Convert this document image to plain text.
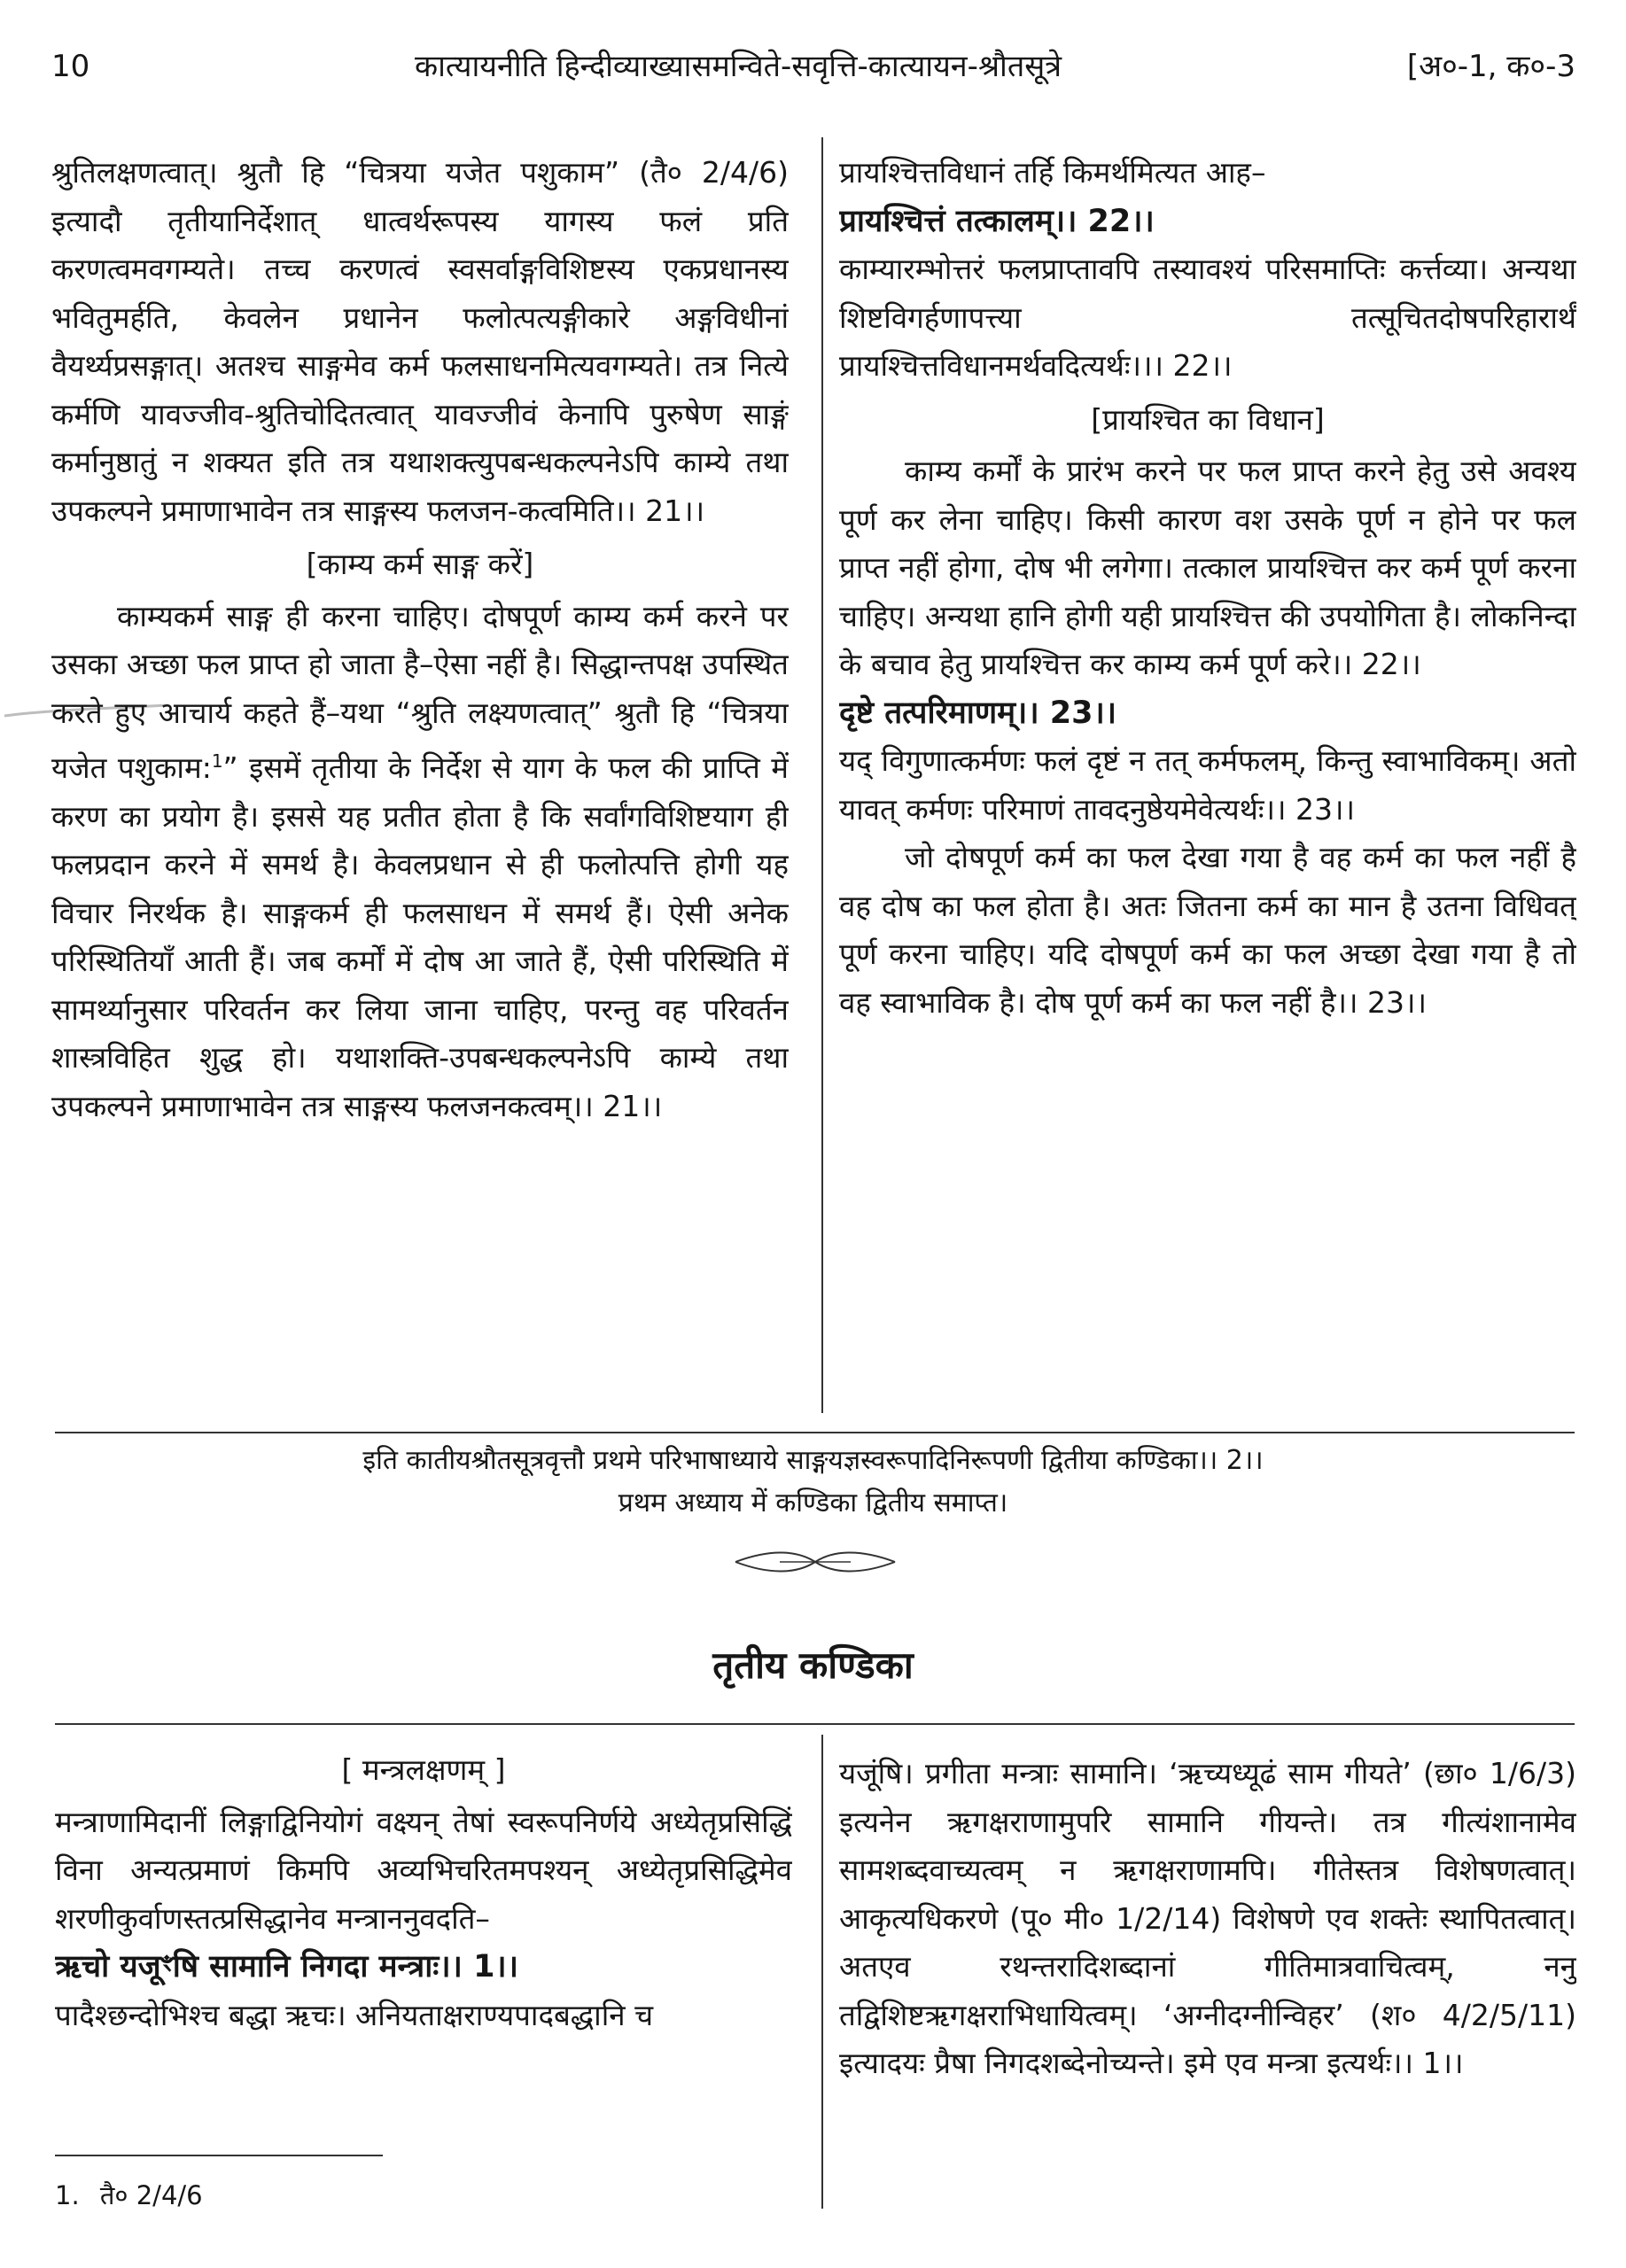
10	कात्यायनीति हिन्दीव्याख्यासमन्विते-सवृत्ति-कात्यायन-श्रौतसूत्रे	[अ०-1, क०-3

श्रुतिलक्षणत्वात्। श्रुतौ हि “चित्रया यजेत पशुकाम” (तै० 2/4/6) इत्यादौ तृतीयानिर्देशात् धात्वर्थरूपस्य यागस्य फलं प्रति करणत्वमवगम्यते। तच्च करणत्वं स्वसर्वाङ्गविशिष्टस्य एकप्रधानस्य भवितुमर्हति, केवलेन प्रधानेन फलोत्पत्यङ्गीकारे अङ्गविधीनां वैयर्थ्यप्रसङ्गात्। अतश्च साङ्गमेव कर्म फलसाधनमित्यवगम्यते। तत्र नित्ये कर्मणि यावज्जीव-श्रुतिचोदितत्वात् यावज्जीवं केनापि पुरुषेण साङ्गं कर्मानुष्ठातुं न शक्यत इति तत्र यथाशक्त्युपबन्धकल्पनेऽपि काम्ये तथा उपकल्पने प्रमाणाभावेन तत्र साङ्गस्य फलजन-कत्वमिति।। 21।।

[काम्य कर्म साङ्ग करें]

काम्यकर्म साङ्ग ही करना चाहिए। दोषपूर्ण काम्य कर्म करने पर उसका अच्छा फल प्राप्त हो जाता है–ऐसा नहीं है। सिद्धान्तपक्ष उपस्थित करते हुए आचार्य कहते हैं–यथा “श्रुति लक्ष्यणत्वात्” श्रुतौ हि “चित्रया यजेत पशुकाम:$^1$” इसमें तृतीया के निर्देश से याग के फल की प्राप्ति में करण का प्रयोग है। इससे यह प्रतीत होता है कि सर्वांगविशिष्टयाग ही फलप्रदान करने में समर्थ है। केवलप्रधान से ही फलोत्पत्ति होगी यह विचार निरर्थक है। साङ्गकर्म ही फलसाधन में समर्थ हैं। ऐसी अनेक परिस्थितियाँ आती हैं। जब कर्मों में दोष आ जाते हैं, ऐसी परिस्थिति में सामर्थ्यानुसार परिवर्तन कर लिया जाना चाहिए, परन्तु वह परिवर्तन शास्त्रविहित शुद्ध हो। यथाशक्ति-उपबन्धकल्पनेऽपि काम्ये तथा उपकल्पने प्रमाणाभावेन तत्र साङ्गस्य फलजनकत्वम्।। 21।।

प्रायश्चित्तविधानं तर्हि किमर्थमित्यत आह–

प्रायश्चित्तं तत्कालम्।। 22।।

काम्यारम्भोत्तरं फलप्राप्तावपि तस्यावश्यं परिसमाप्तिः कर्त्तव्या। अन्यथा शिष्टविगर्हणापत्त्या तत्सूचितदोषपरिहारार्थं प्रायश्चित्तविधानमर्थवदित्यर्थः।।। 22।।

[प्रायश्चित का विधान]

काम्य कर्मों के प्रारंभ करने पर फल प्राप्त करने हेतु उसे अवश्य पूर्ण कर लेना चाहिए। किसी कारण वश उसके पूर्ण न होने पर फल प्राप्त नहीं होगा, दोष भी लगेगा। तत्काल प्रायश्चित्त कर कर्म पूर्ण करना चाहिए। अन्यथा हानि होगी यही प्रायश्चित्त की उपयोगिता है। लोकनिन्दा के बचाव हेतु प्रायश्चित्त कर काम्य कर्म पूर्ण करे।। 22।।

दृष्टे तत्परिमाणम्।। 23।।

यद् विगुणात्कर्मणः फलं दृष्टं न तत् कर्मफलम्, किन्तु स्वाभाविकम्। अतो यावत् कर्मणः परिमाणं तावदनुष्ठेयमेवेत्यर्थः।। 23।।

जो दोषपूर्ण कर्म का फल देखा गया है वह कर्म का फल नहीं है वह दोष का फल होता है। अतः जितना कर्म का मान है उतना विधिवत् पूर्ण करना चाहिए। यदि दोषपूर्ण कर्म का फल अच्छा देखा गया है तो वह स्वाभाविक है। दोष पूर्ण कर्म का फल नहीं है।। 23।।

इति कातीयश्रौतसूत्रवृत्तौ प्रथमे परिभाषाध्याये साङ्गयज्ञस्वरूपादिनिरूपणी द्वितीया कण्डिका।। 2।।
प्रथम अध्याय में कण्डिका द्वितीय समाप्त।
तृतीय कण्डिका

[ मन्त्रलक्षणम् ]

मन्त्राणामिदानीं लिङ्गाद्विनियोगं वक्ष्यन् तेषां स्वरूपनिर्णये अध्येतृप्रसिद्धिं विना अन्यत्प्रमाणं किमपि अव्यभिचरितमपश्यन् अध्येतृप्रसिद्धिमेव शरणीकुर्वाणस्तत्प्रसिद्धानेव मन्त्राननुवदति–

ऋचो यजूꣳषि सामानि निगदा मन्त्राः।। 1।।

पादैश्छन्दोभिश्च बद्धा ऋचः। अनियताक्षराण्यपादबद्धानि च

यजूंषि। प्रगीता मन्त्राः सामानि। ‘ऋच्यध्यूढं साम गीयते’ (छा० 1/6/3) इत्यनेन ऋगक्षराणामुपरि सामानि गीयन्ते। तत्र गीत्यंशानामेव सामशब्दवाच्यत्वम् न ऋगक्षराणामपि। गीतेस्तत्र विशेषणत्वात्। आकृत्यधिकरणे (पू० मी० 1/2/14) विशेषणे एव शक्तेः स्थापितत्वात्। अतएव रथन्तरादिशब्दानां गीतिमात्रवाचित्वम्, ननु तद्विशिष्टऋगक्षराभिधायित्वम्। ‘अग्नीदग्नीन्विहर’ (श० 4/2/5/11) इत्यादयः प्रैषा निगदशब्देनोच्यन्ते। इमे एव मन्त्रा इत्यर्थः।। 1।।

1. तै० 2/4/6
